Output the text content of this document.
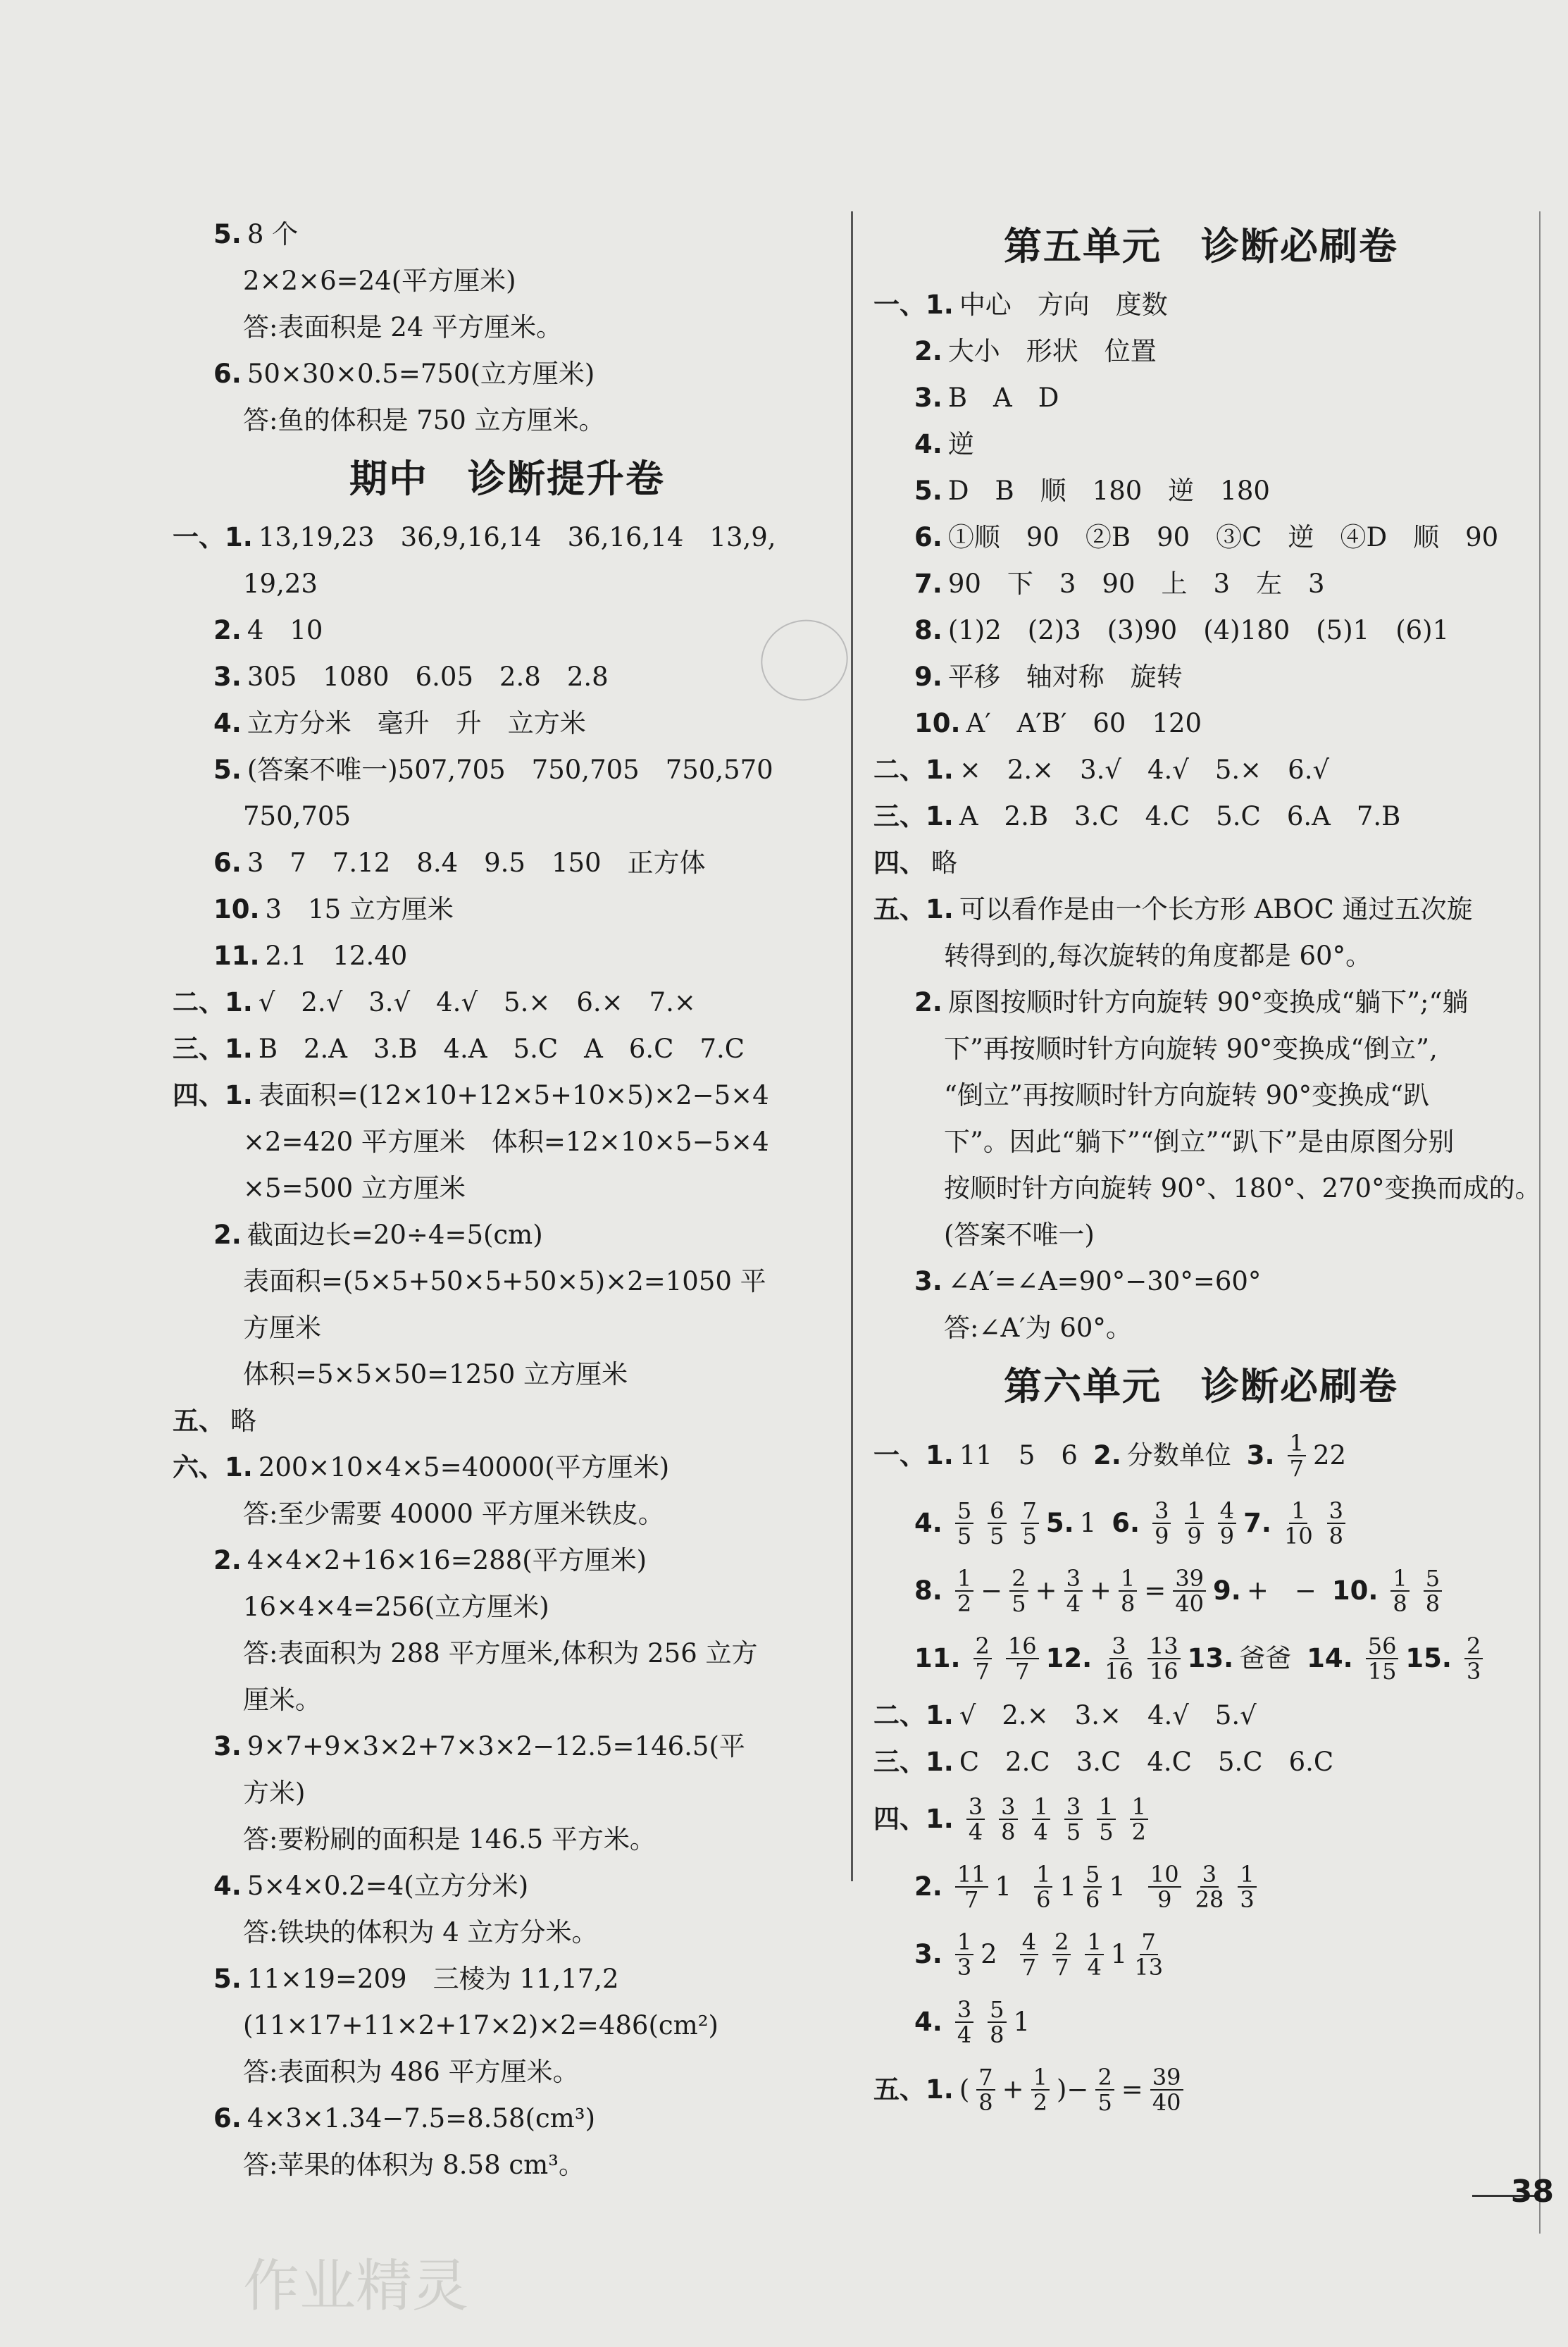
5. 8 个
2×2×6=24(平方厘米)
答:表面积是 24 平方厘米。
6. 50×30×0.5=750(立方厘米)
答:鱼的体积是 750 立方厘米。
期中　诊断提升卷
一、1. 13,19,23　36,9,16,14　36,16,14　13,9,
19,23
2. 4　10
3. 305　1080　6.05　2.8　2.8
4. 立方分米　毫升　升　立方米
5. (答案不唯一)507,705　750,705　750,570
750,705
6. 3　7　7.12　8.4　9.5　150　正方体
10. 3　15 立方厘米
11. 2.1　12.40
二、1. √　2.√　3.√　4.√　5.×　6.×　7.×
三、1. B　2.A　3.B　4.A　5.C　A　6.C　7.C
四、1. 表面积=(12×10+12×5+10×5)×2−5×4
×2=420 平方厘米　体积=12×10×5−5×4
×5=500 立方厘米
2. 截面边长=20÷4=5(cm)
表面积=(5×5+50×5+50×5)×2=1050 平
方厘米
体积=5×5×50=1250 立方厘米
五、 略
六、1. 200×10×4×5=40000(平方厘米)
答:至少需要 40000 平方厘米铁皮。
2. 4×4×2+16×16=288(平方厘米)
16×4×4=256(立方厘米)
答:表面积为 288 平方厘米,体积为 256 立方
厘米。
3. 9×7+9×3×2+7×3×2−12.5=146.5(平
方米)
答:要粉刷的面积是 146.5 平方米。
4. 5×4×0.2=4(立方分米)
答:铁块的体积为 4 立方分米。
5. 11×19=209　三棱为 11,17,2
(11×17+11×2+17×2)×2=486(cm²)
答:表面积为 486 平方厘米。
6. 4×3×1.34−7.5=8.58(cm³)
答:苹果的体积为 8.58 cm³。
第五单元　诊断必刷卷
一、1. 中心　方向　度数
2. 大小　形状　位置
3. B　A　D
4. 逆
5. D　B　顺　180　逆　180
6. ①顺　90　②B　90　③C　逆　④D　顺　90
7. 90　下　3　90　上　3　左　3
8. (1)2　(2)3　(3)90　(4)180　(5)1　(6)1
9. 平移　轴对称　旋转
10. A′　A′B′　60　120
二、1. ×　2.×　3.√　4.√　5.×　6.√
三、1. A　2.B　3.C　4.C　5.C　6.A　7.B
四、 略
五、1. 可以看作是由一个长方形 ABOC 通过五次旋
转得到的,每次旋转的角度都是 60°。
2. 原图按顺时针方向旋转 90°变换成“躺下”;“躺
下”再按顺时针方向旋转 90°变换成“倒立”,
“倒立”再按顺时针方向旋转 90°变换成“趴
下”。因此“躺下”“倒立”“趴下”是由原图分别
按顺时针方向旋转 90°、180°、270°变换而成的。
(答案不唯一)
3. ∠A′=∠A=90°−30°=60°
答:∠A′为 60°。
第六单元　诊断必刷卷
一、1. 11　5　6 2. 分数单位 3. $\frac{1}{7} 22$
4. $\frac{5}{5} \frac{6}{5} \frac{7}{5} 5$. 1 6. $\frac{3}{9} \frac{1}{9} \frac{4}{9} 7$. $\frac{1}{10} \frac{3}{8}$
8. $\frac{1}{2} - \frac{2}{5} + \frac{3}{4} + \frac{1}{8} = \frac{39}{40} 9$. +　− 10. $\frac{1}{8} \frac{5}{8}$
11. $\frac{2}{7} \frac{16}{7} 12$. $\frac{3}{16} \frac{13}{16} 13$. 爸爸 14. $\frac{56}{15} 15$. $\frac{2}{3}$
二、1. √　2.×　3.×　4.√　5.√
三、1. C　2.C　3.C　4.C　5.C　6.C
四、1. $\frac{3}{4} \frac{3}{8} \frac{1}{4} \frac{3}{5} \frac{1}{5} \frac{1}{2}$
2. $\frac{11}{7} 1 \frac{1}{6} 1 \frac{5}{6} 1 \frac{10}{9} \frac{3}{28} \frac{1}{3}$
3. $\frac{1}{3} 2 \frac{4}{7} \frac{2}{7} \frac{1}{4} 1 \frac{7}{13}$
4. $\frac{3}{4} \frac{5}{8} 1$
五、1. ( $\frac{7}{8} + \frac{1}{2}$ ) − $\frac{2}{5} = \frac{39}{40}$
38
作业精灵
